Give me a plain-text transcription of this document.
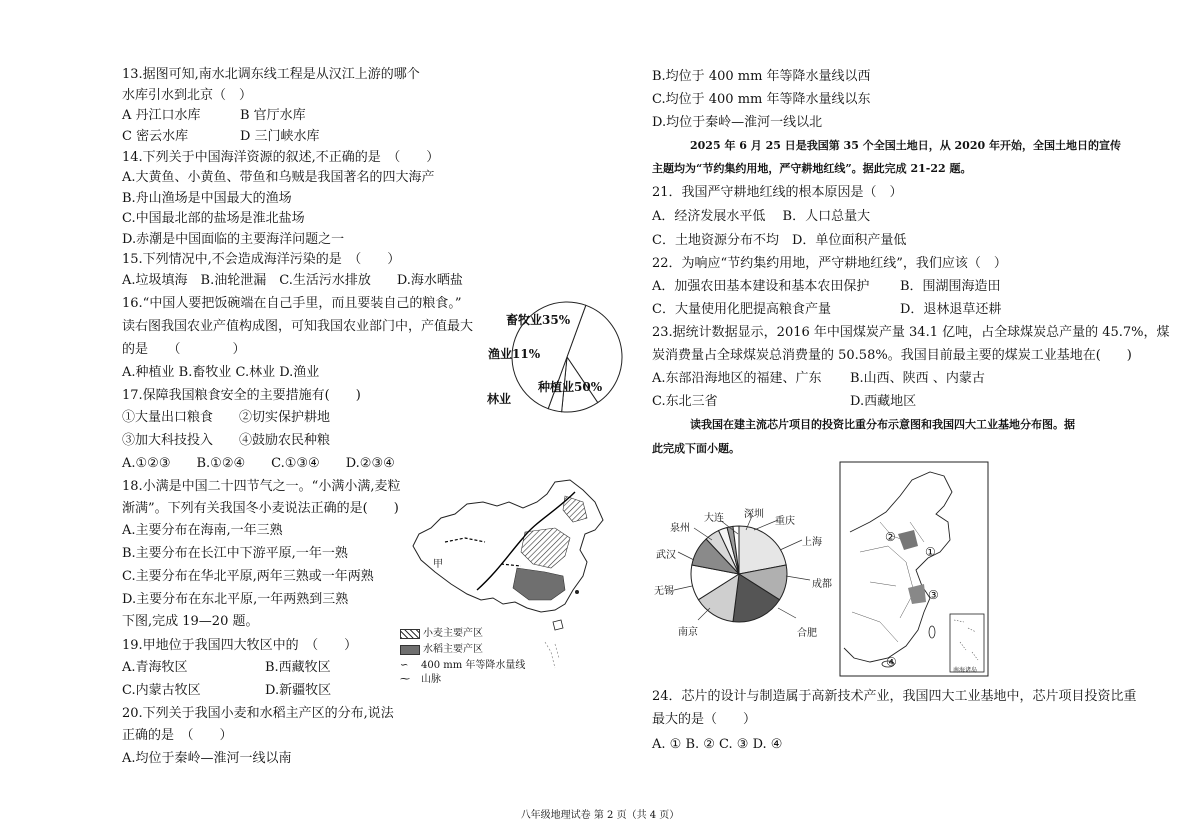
13.据图可知,南水北调东线工程是从汉江上游的哪个
水库引水到北京（　）
A 丹江口水库	B 官厅水库
C 密云水库	D 三门峡水库
14.下列关于中国海洋资源的叙述,不正确的是　（　　）
A.大黄鱼、小黄鱼、带鱼和乌贼是我国著名的四大海产
B.舟山渔场是中国最大的渔场
C.中国最北部的盐场是淮北盐场
D.赤潮是中国面临的主要海洋问题之一
15.下列情况中,不会造成海洋污染的是　（　　）
A.垃圾填海　B.油轮泄漏　C.生活污水排放　　D.海水晒盐
16.“中国人要把饭碗端在自己手里，而且要装自己的粮食。”
读右图我国农业产值构成图，可知我国农业部门中，产值最大
的是　　（　　　　）
A.种植业 B.畜牧业 C.林业 D.渔业
畜牧业35%
渔业11%
林业
种植业50%
17.保障我国粮食安全的主要措施有(　　)
①大量出口粮食　　②切实保护耕地
③加大科技投入　　④鼓励农民种粮
A.①②③　　B.①②④　　C.①③④　　D.②③④
18.小满是中国二十四节气之一。“小满小满,麦粒
渐满”。下列有关我国冬小麦说法正确的是(　　)
A.主要分布在海南,一年三熟
B.主要分布在长江中下游平原,一年一熟
C.主要分布在华北平原,两年三熟或一年两熟
D.主要分布在东北平原,一年两熟到三熟
下图,完成 19—20 题。
19.甲地位于我国四大牧区中的　（　　）
A.青海牧区	B.西藏牧区
C.内蒙古牧区	D.新疆牧区
20.下列关于我国小麦和水稻主产区的分布,说法
正确的是　（　　）
A.均位于秦岭—淮河一线以南
甲
小麦主要产区
水稻主要产区
∽ 400 mm 年等降水量线
⁓ 山脉
B.均位于 400 mm 年等降水量线以西
C.均位于 400 mm 年等降水量线以东
D.均位于秦岭—淮河一线以北
2025 年 6 月 25 日是我国第 35 个全国土地日，从 2020 年开始，全国土地日的宣传
主题均为“节约集约用地，严守耕地红线”。据此完成 21-22 题。
21．我国严守耕地红线的根本原因是（　）
A．经济发展水平低　 B．人口总量大
C．土地资源分布不均　D．单位面积产量低
22．为响应“节约集约用地，严守耕地红线”，我们应该（　）
A．加强农田基本建设和基本农田保护 B．围湖围海造田
C．大量使用化肥提高粮食产量	D．退林退草还耕
23.据统计数据显示，2016 年中国煤炭产量 34.1 亿吨，占全球煤炭总产量的 45.7%，煤
炭消费量占全球煤炭总消费量的 50.58%。我国目前最主要的煤炭工业基地在(　　)
A.东部沿海地区的福建、广东 B.山西、陕西 、内蒙古
C.东北三省	D.西藏地区
读我国在建主流芯片项目的投资比重分布示意图和我国四大工业基地分布图。据
此完成下面小题。
大连 深圳
重庆
泉州
上海
武汉
成都
无锡
南京	合肥
②
①
③
④
南海诸岛
24．芯片的设计与制造属于高新技术产业，我国四大工业基地中，芯片项目投资比重
最大的是（　　）
A. ① B. ② C. ③ D. ④
八年级地理试卷 第 2 页（共 4 页）
